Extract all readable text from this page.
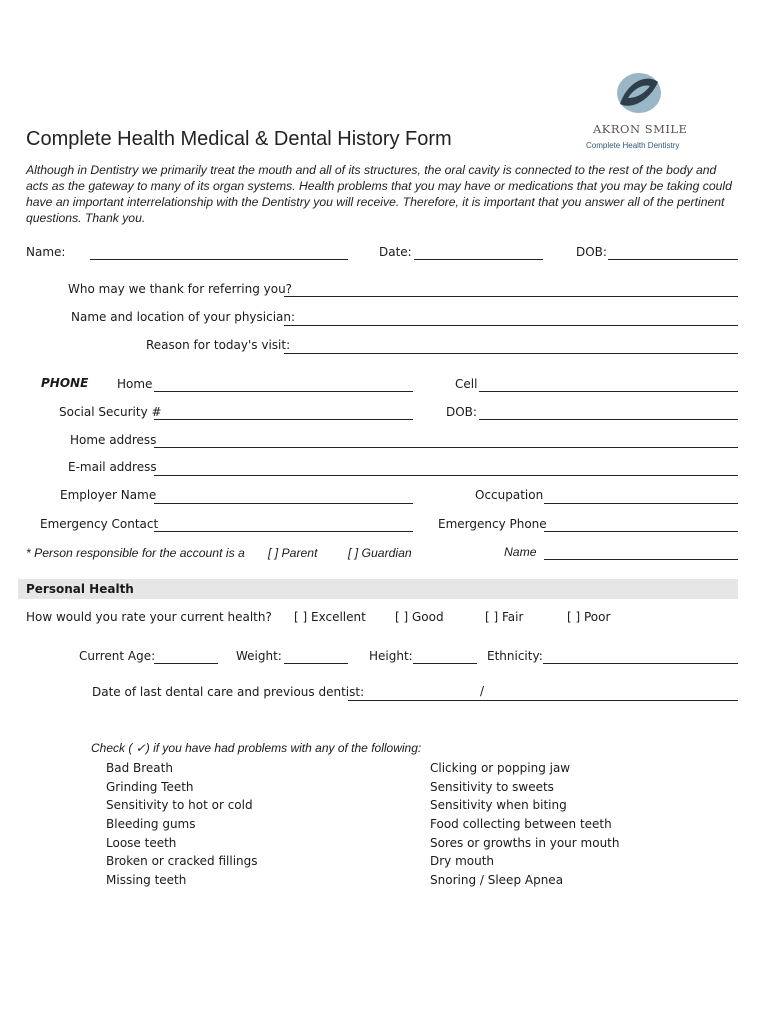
AKRON SMILE
Complete Health Dentistry
Complete Health Medical & Dental History Form
Although in Dentistry we primarily treat the mouth and all of its structures, the oral cavity is connected to the rest of the body and acts as the gateway to many of its organ systems. Health problems that you may have or medications that you may be taking could have an important interrelationship with the Dentistry you will receive. Therefore, it is important that you answer all of the pertinent questions. Thank you.
Name:	Date:	DOB:
Who may we thank for referring you?
Name and location of your physician:
Reason for today's visit:
PHONE Home	Cell
Social Security #	DOB:
Home address
E-mail address
Employer Name	Occupation
Emergency Contact	Emergency Phone
* Person responsible for the account is a [ ] Parent	[ ] Guardian	Name
Personal Health
How would you rate your current health? [ ] Excellent [ ] Good	[ ] Fair	[ ] Poor
Current Age:	Weight:	Height:	Ethnicity:
Date of last dental care and previous dentist:	/
Check ( ✓) if you have had problems with any of the following:
Bad Breath
Grinding Teeth
Sensitivity to hot or cold
Bleeding gums
Loose teeth
Broken or cracked fillings
Missing teeth
Clicking or popping jaw
Sensitivity to sweets
Sensitivity when biting
Food collecting between teeth
Sores or growths in your mouth
Dry mouth
Snoring / Sleep Apnea
